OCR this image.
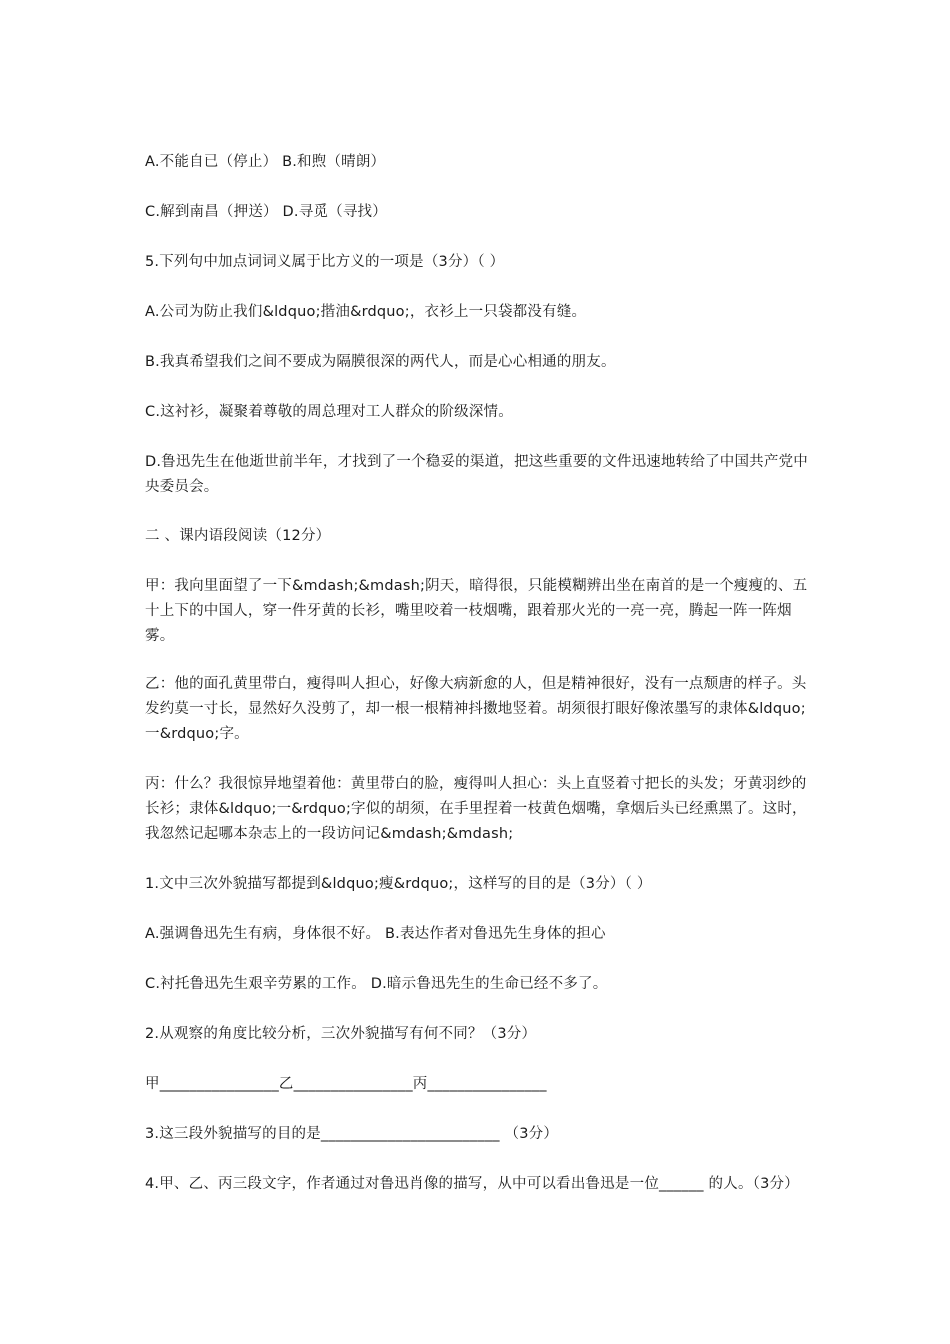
A.不能自已（停止） B.和煦（晴朗）
C.解到南昌（押送） D.寻觅（寻找）
5.下列句中加点词词义属于比方义的一项是（3分）（ ）
A.公司为防止我们&ldquo;揩油&rdquo;，衣衫上一只袋都没有缝。
B.我真希望我们之间不要成为隔膜很深的两代人，而是心心相通的朋友。
C.这衬衫，凝聚着尊敬的周总理对工人群众的阶级深情。
D.鲁迅先生在他逝世前半年，才找到了一个稳妥的渠道，把这些重要的文件迅速地转给了中国共产党中央委员会。
二 、课内语段阅读（12分）
甲：我向里面望了一下&mdash;&mdash;阴天，暗得很，只能模糊辨出坐在南首的是一个瘦瘦的、五十上下的中国人，穿一件牙黄的长衫，嘴里咬着一枝烟嘴，跟着那火光的一亮一亮，腾起一阵一阵烟雾。
乙：他的面孔黄里带白，瘦得叫人担心，好像大病新愈的人，但是精神很好，没有一点颓唐的样子。头发约莫一寸长，显然好久没剪了，却一根一根精神抖擞地竖着。胡须很打眼好像浓墨写的隶体&ldquo;一&rdquo;字。
丙：什么？我很惊异地望着他：黄里带白的脸，瘦得叫人担心：头上直竖着寸把长的头发；牙黄羽纱的长衫；隶体&ldquo;一&rdquo;字似的胡须，在手里捏着一枝黄色烟嘴，拿烟后头已经熏黑了。这时，我忽然记起哪本杂志上的一段访问记&mdash;&mdash;
1.文中三次外貌描写都提到&ldquo;瘦&rdquo;，这样写的目的是（3分）（ ）
A.强调鲁迅先生有病，身体很不好。 B.表达作者对鲁迅先生身体的担心
C.衬托鲁迅先生艰辛劳累的工作。 D.暗示鲁迅先生的生命已经不多了。
2.从观察的角度比较分析，三次外貌描写有何不同？（3分）
甲________________乙________________丙________________
3.这三段外貌描写的目的是________________________ （3分）
4.甲、乙、丙三段文字，作者通过对鲁迅肖像的描写，从中可以看出鲁迅是一位______ 的人。（3分）
